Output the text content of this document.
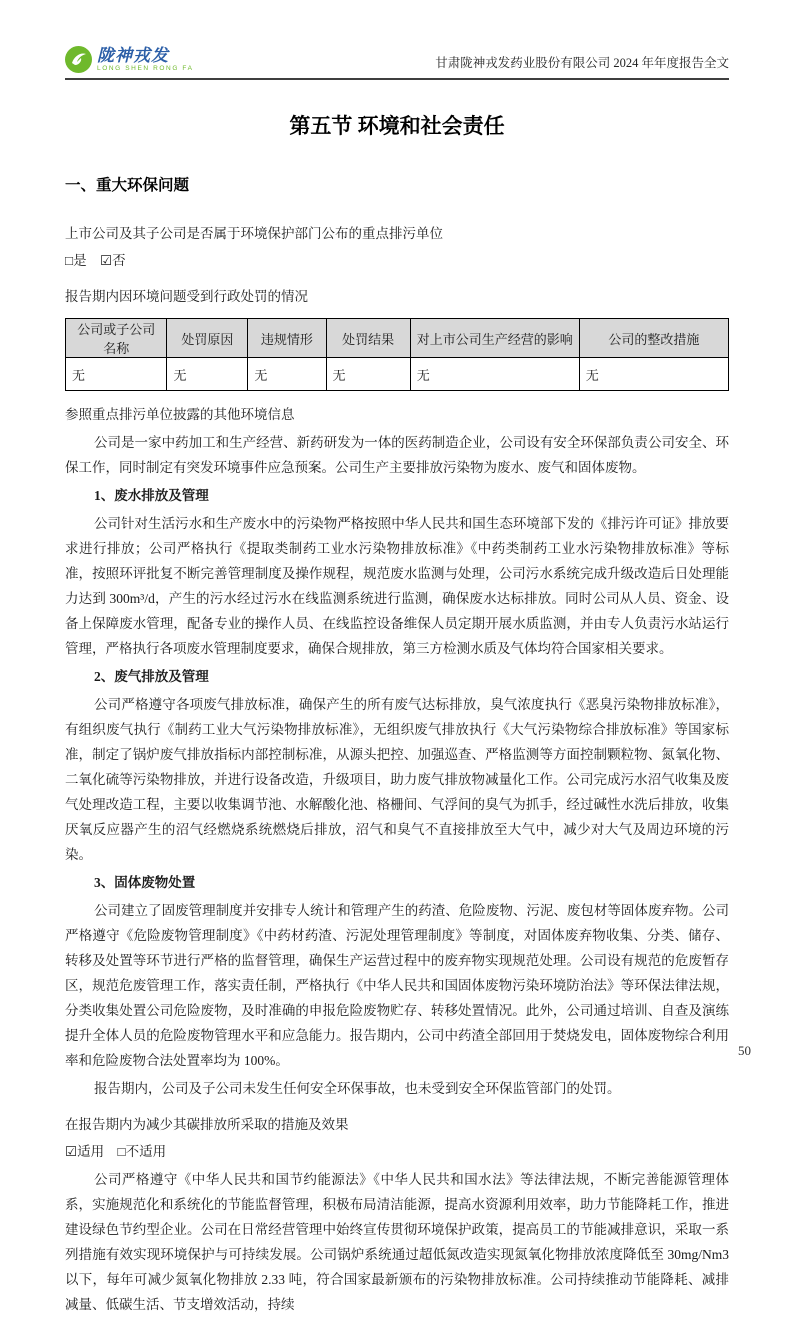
陇神戎发
LONG SHEN RONG FA	甘肃陇神戎发药业股份有限公司 2024 年年度报告全文
第五节 环境和社会责任
一、重大环保问题

上市公司及其子公司是否属于环境保护部门公布的重点排污单位

□是 ☑否

报告期内因环境问题受到行政处罚的情况

公司或子公司名称	处罚原因	违规情形	处罚结果	对上市公司生产经营的影响	公司的整改措施
无	无	无	无	无	无

参照重点排污单位披露的其他环境信息

公司是一家中药加工和生产经营、新药研发为一体的医药制造企业，公司设有安全环保部负责公司安全、环保工作，同时制定有突发环境事件应急预案。公司生产主要排放污染物为废水、废气和固体废物。

1、废水排放及管理

公司针对生活污水和生产废水中的污染物严格按照中华人民共和国生态环境部下发的《排污许可证》排放要求进行排放；公司严格执行《提取类制药工业水污染物排放标准》《中药类制药工业水污染物排放标准》等标准，按照环评批复不断完善管理制度及操作规程，规范废水监测与处理，公司污水系统完成升级改造后日处理能力达到 300m³/d，产生的污水经过污水在线监测系统进行监测，确保废水达标排放。同时公司从人员、资金、设备上保障废水管理，配备专业的操作人员、在线监控设备维保人员定期开展水质监测，并由专人负责污水站运行管理，严格执行各项废水管理制度要求，确保合规排放，第三方检测水质及气体均符合国家相关要求。

2、废气排放及管理

公司严格遵守各项废气排放标准，确保产生的所有废气达标排放，臭气浓度执行《恶臭污染物排放标准》，有组织废气执行《制药工业大气污染物排放标准》，无组织废气排放执行《大气污染物综合排放标准》等国家标准，制定了锅炉废气排放指标内部控制标准，从源头把控、加强巡查、严格监测等方面控制颗粒物、氮氧化物、二氧化硫等污染物排放，并进行设备改造，升级项目，助力废气排放物减量化工作。公司完成污水沼气收集及废气处理改造工程，主要以收集调节池、水解酸化池、格栅间、气浮间的臭气为抓手，经过碱性水洗后排放，收集厌氧反应器产生的沼气经燃烧系统燃烧后排放，沼气和臭气不直接排放至大气中，减少对大气及周边环境的污染。

3、固体废物处置

公司建立了固废管理制度并安排专人统计和管理产生的药渣、危险废物、污泥、废包材等固体废弃物。公司严格遵守《危险废物管理制度》《中药材药渣、污泥处理管理制度》等制度，对固体废弃物收集、分类、储存、转移及处置等环节进行严格的监督管理，确保生产运营过程中的废弃物实现规范处理。公司设有规范的危废暂存区，规范危废管理工作，落实责任制，严格执行《中华人民共和国固体废物污染环境防治法》等环保法律法规，分类收集处置公司危险废物，及时准确的申报危险废物贮存、转移处置情况。此外，公司通过培训、自查及演练提升全体人员的危险废物管理水平和应急能力。报告期内，公司中药渣全部回用于焚烧发电，固体废物综合利用率和危险废物合法处置率均为 100%。

报告期内，公司及子公司未发生任何安全环保事故，也未受到安全环保监管部门的处罚。

在报告期内为减少其碳排放所采取的措施及效果

☑适用 □不适用

公司严格遵守《中华人民共和国节约能源法》《中华人民共和国水法》等法律法规，不断完善能源管理体系，实施规范化和系统化的节能监督管理，积极布局清洁能源，提高水资源利用效率，助力节能降耗工作，推进建设绿色节约型企业。公司在日常经营管理中始终宣传贯彻环境保护政策，提高员工的节能减排意识，采取一系列措施有效实现环境保护与可持续发展。公司锅炉系统通过超低氮改造实现氮氧化物排放浓度降低至 30mg/Nm3 以下，每年可减少氮氧化物排放 2.33 吨，符合国家最新颁布的污染物排放标准。公司持续推动节能降耗、减排减量、低碳生活、节支增效活动，持续

50
